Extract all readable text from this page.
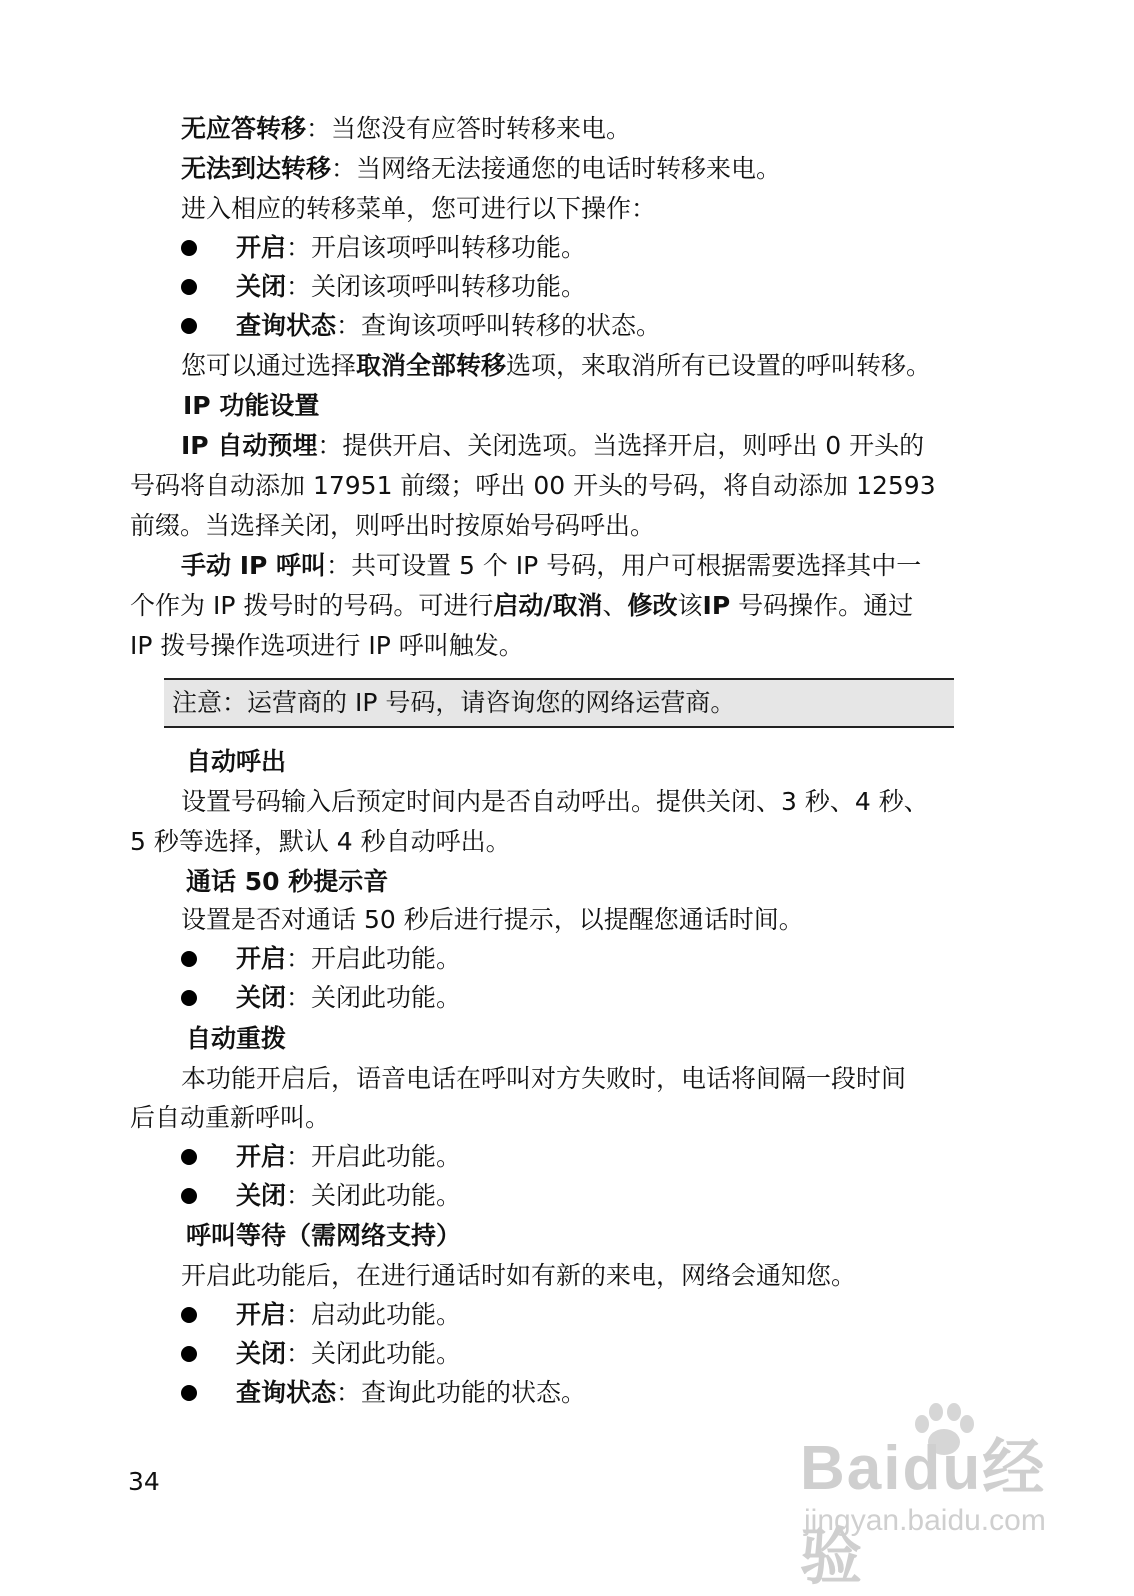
无应答转移：当您没有应答时转移来电。
无法到达转移：当网络无法接通您的电话时转移来电。
进入相应的转移菜单，您可进行以下操作：
开启：开启该项呼叫转移功能。
关闭：关闭该项呼叫转移功能。
查询状态：查询该项呼叫转移的状态。
您可以通过选择取消全部转移选项，来取消所有已设置的呼叫转移。
IP 功能设置
IP 自动预埋：提供开启、关闭选项。当选择开启，则呼出 0 开头的
号码将自动添加 17951 前缀；呼出 00 开头的号码，将自动添加 12593
前缀。当选择关闭，则呼出时按原始号码呼出。
手动 IP 呼叫：共可设置 5 个 IP 号码，用户可根据需要选择其中一
个作为 IP 拨号时的号码。可进行启动/取消、修改该IP 号码操作。通过
IP 拨号操作选项进行 IP 呼叫触发。
注意：运营商的 IP 号码，请咨询您的网络运营商。
自动呼出
设置号码输入后预定时间内是否自动呼出。提供关闭、3 秒、4 秒、
5 秒等选择，默认 4 秒自动呼出。
通话 50 秒提示音
设置是否对通话 50 秒后进行提示，以提醒您通话时间。
开启：开启此功能。
关闭：关闭此功能。
自动重拨
本功能开启后，语音电话在呼叫对方失败时，电话将间隔一段时间
后自动重新呼叫。
开启：开启此功能。
关闭：关闭此功能。
呼叫等待（需网络支持）
开启此功能后，在进行通话时如有新的来电，网络会通知您。
开启：启动此功能。
关闭：关闭此功能。
查询状态：查询此功能的状态。
34	Baidu经验
jingyan.baidu.com
